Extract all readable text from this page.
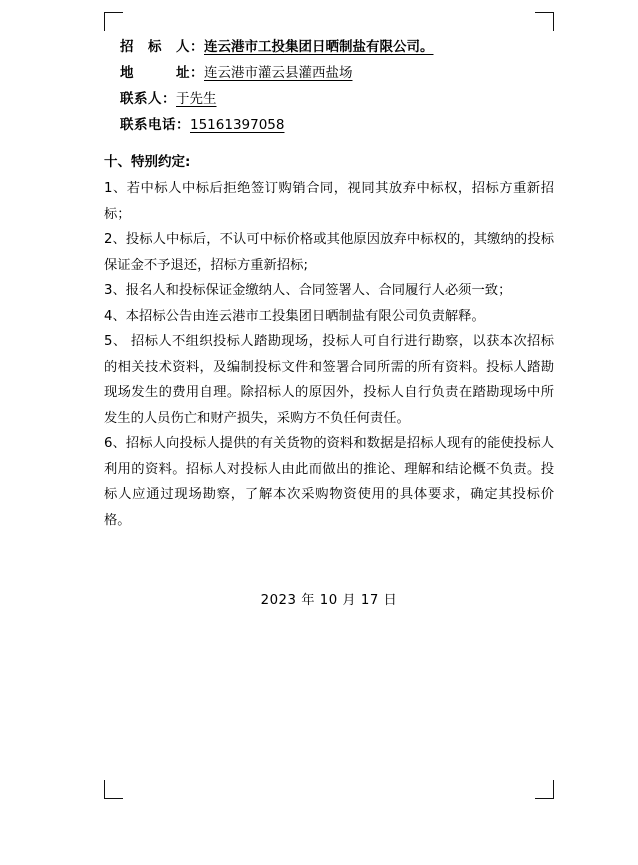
招　标　人：连云港市工投集团日晒制盐有限公司。
地　　　址：连云港市灌云县灌西盐场
联系人：于先生
联系电话：15161397058
十、特别约定:
1、若中标人中标后拒绝签订购销合同，视同其放弃中标权，招标方重新招标；
2、投标人中标后，不认可中标价格或其他原因放弃中标权的，其缴纳的投标保证金不予退还，招标方重新招标;
3、报名人和投标保证金缴纳人、合同签署人、合同履行人必须一致；
4、本招标公告由连云港市工投集团日晒制盐有限公司负责解释。
5、 招标人不组织投标人踏勘现场，投标人可自行进行勘察，以获本次招标的相关技术资料，及编制投标文件和签署合同所需的所有资料。投标人踏勘现场发生的费用自理。除招标人的原因外，投标人自行负责在踏勘现场中所发生的人员伤亡和财产损失，采购方不负任何责任。
6、招标人向投标人提供的有关货物的资料和数据是招标人现有的能使投标人利用的资料。招标人对投标人由此而做出的推论、理解和结论概不负责。投标人应通过现场勘察，了解本次采购物资使用的具体要求，确定其投标价格。
2023 年 10 月 17 日
